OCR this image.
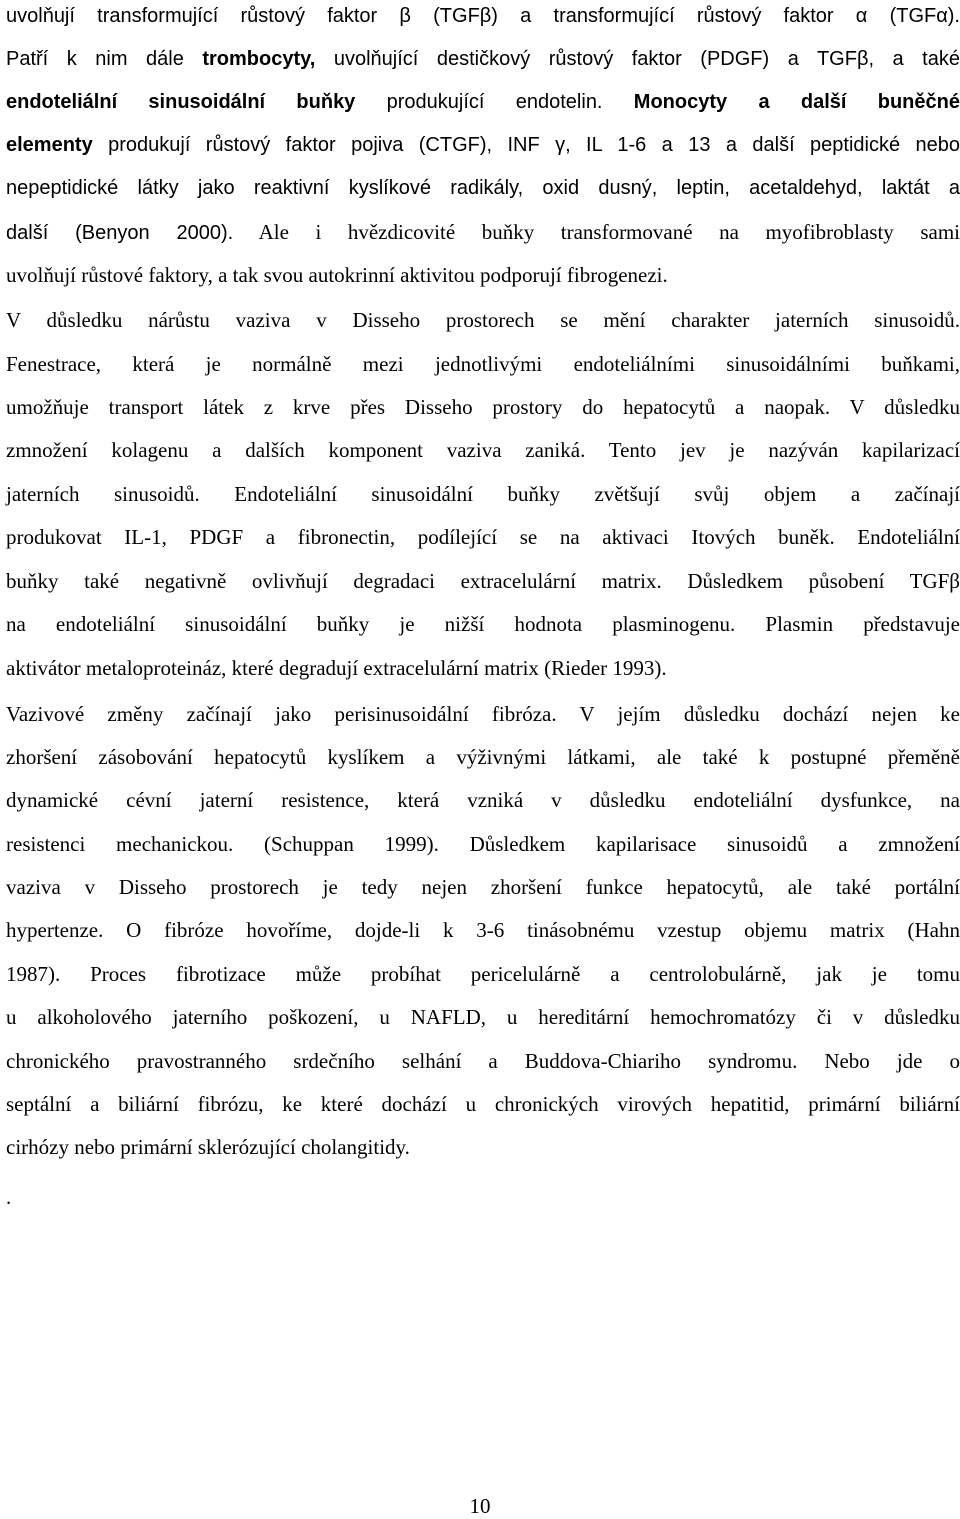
uvolňují transformující růstový faktor β (TGFβ) a transformující růstový faktor α (TGFα).
Patří k nim dále trombocyty, uvolňující destičkový růstový faktor (PDGF) a TGFβ, a také
endoteliální sinusoidální buňky produkující endotelin. Monocyty a další buněčné
elementy produkují růstový faktor pojiva (CTGF), INF γ, IL 1-6 a 13 a další peptidické nebo
nepeptidické látky jako reaktivní kyslíkové radikály, oxid dusný, leptin, acetaldehyd, laktát a
další (Benyon 2000). Ale i hvězdicovité buňky transformované na myofibroblasty sami
uvolňují růstové faktory, a tak svou autokrinní aktivitou podporují fibrogenezi.
V důsledku nárůstu vaziva v Disseho prostorech se mění charakter jaterních sinusoidů.
Fenestrace, která je normálně mezi jednotlivými endoteliálními sinusoidálními buňkami,
umožňuje transport látek z krve přes Disseho prostory do hepatocytů a naopak. V důsledku
zmnožení kolagenu a dalších komponent vaziva zaniká. Tento jev je nazýván kapilarizací
jaterních sinusoidů. Endoteliální sinusoidální buňky zvětšují svůj objem a začínají
produkovat IL-1, PDGF a fibronectin, podílející se na aktivaci Itových buněk. Endoteliální
buňky také negativně ovlivňují degradaci extracelulární matrix. Důsledkem působení TGFβ
na endoteliální sinusoidální buňky je nižší hodnota plasminogenu. Plasmin představuje
aktivátor metaloproteináz, které degradují extracelulární matrix (Rieder 1993).
Vazivové změny začínají jako perisinusoidální fibróza. V jejím důsledku dochází nejen ke
zhoršení zásobování hepatocytů kyslíkem a výživnými látkami, ale také k postupné přeměně
dynamické cévní jaterní resistence, která vzniká v důsledku endoteliální dysfunkce, na
resistenci mechanickou. (Schuppan 1999). Důsledkem kapilarisace sinusoidů a zmnožení
vaziva v Disseho prostorech je tedy nejen zhoršení funkce hepatocytů, ale také portální
hypertenze. O fibróze hovoříme, dojde-li k 3-6 tinásobnému vzestup objemu matrix (Hahn
1987). Proces fibrotizace může probíhat pericelulárně a centrolobulárně, jak je tomu
u alkoholového jaterního poškození, u NAFLD, u hereditární hemochromatózy či v důsledku
chronického pravostranného srdečního selhání a Buddova-Chiariho syndromu. Nebo jde o
septální a biliární fibrózu, ke které dochází u chronických virových hepatitid, primární biliární
cirhózy nebo primární sklerózující cholangitidy.
.
10
